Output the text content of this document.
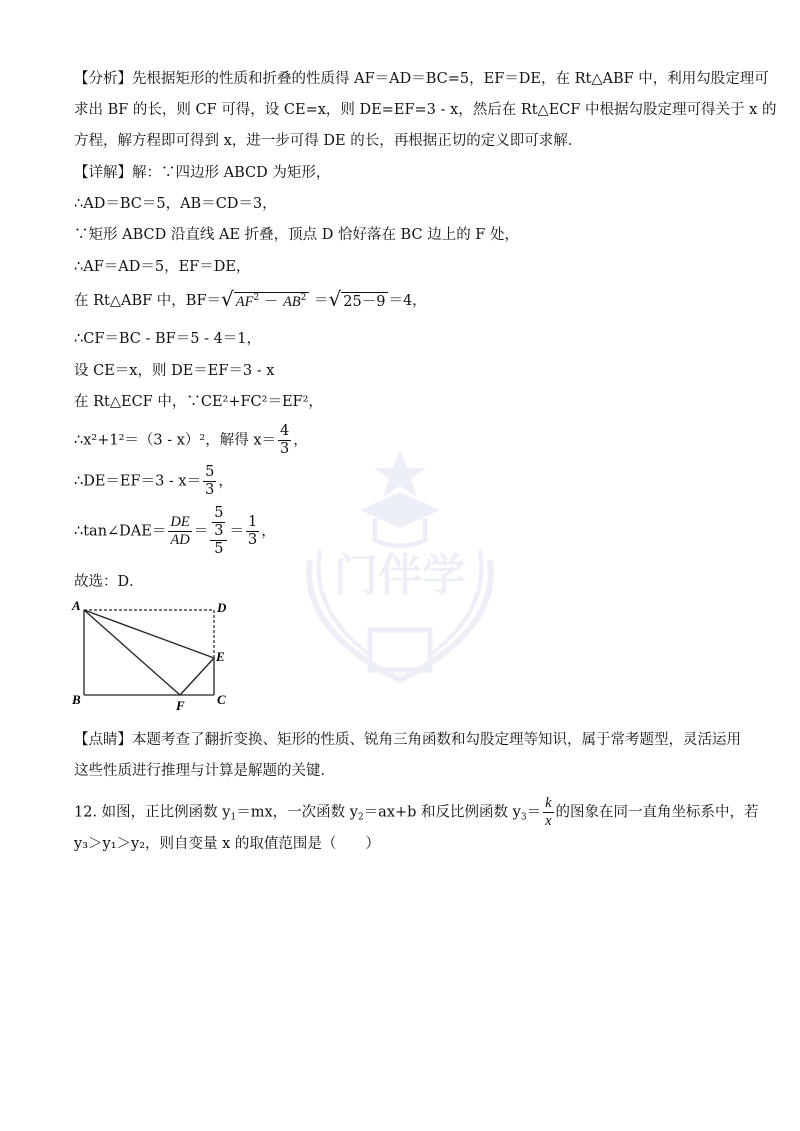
门伴学
【分析】先根据矩形的性质和折叠的性质得 AF＝AD＝BC=5，EF＝DE，在 Rt△ABF 中，利用勾股定理可
求出 BF 的长，则 CF 可得，设 CE=x，则 DE=EF=3 - x，然后在 Rt△ECF 中根据勾股定理可得关于 x 的
方程，解方程即可得到 x，进一步可得 DE 的长，再根据正切的定义即可求解．
【详解】解：∵四边形 ABCD 为矩形，
∴AD＝BC＝5，AB＝CD＝3，
∵矩形 ABCD 沿直线 AE 折叠，顶点 D 恰好落在 BC 边上的 F 处，
∴AF＝AD＝5，EF＝DE，
在 Rt△ABF 中，BF＝√ $AF^2 - AB^2$ ＝√ 25－9 ＝4，
∴CF＝BC - BF＝5 - 4＝1，
设 CE＝x，则 DE＝EF＝3 - x
在 Rt△ECF 中，∵CE²+FC²＝EF²，
∴x²+1²＝（3 - x）²，解得 $x= \frac{4}{3}$ ，
∴DE＝EF＝3 - $x= \frac{5}{3}$ ，
∴tan∠DAE＝ $\frac{DE}{AD} = \frac{\frac{5}{3}}{5} = \frac{1}{3}$ ，
故选：D．
A	D
E
B	F C
【点睛】本题考查了翻折变换、矩形的性质、锐角三角函数和勾股定理等知识，属于常考题型，灵活运用
这些性质进行推理与计算是解题的关键．
12. 如图，正比例函数 $y_1=mx$，一次函数 $y_2=ax+b$ 和反比例函数 $y_3= \frac{k}{x}$ 的图象在同一直角坐标系中，若
y₃＞y₁＞y₂，则自变量 x 的取值范围是（　　）
